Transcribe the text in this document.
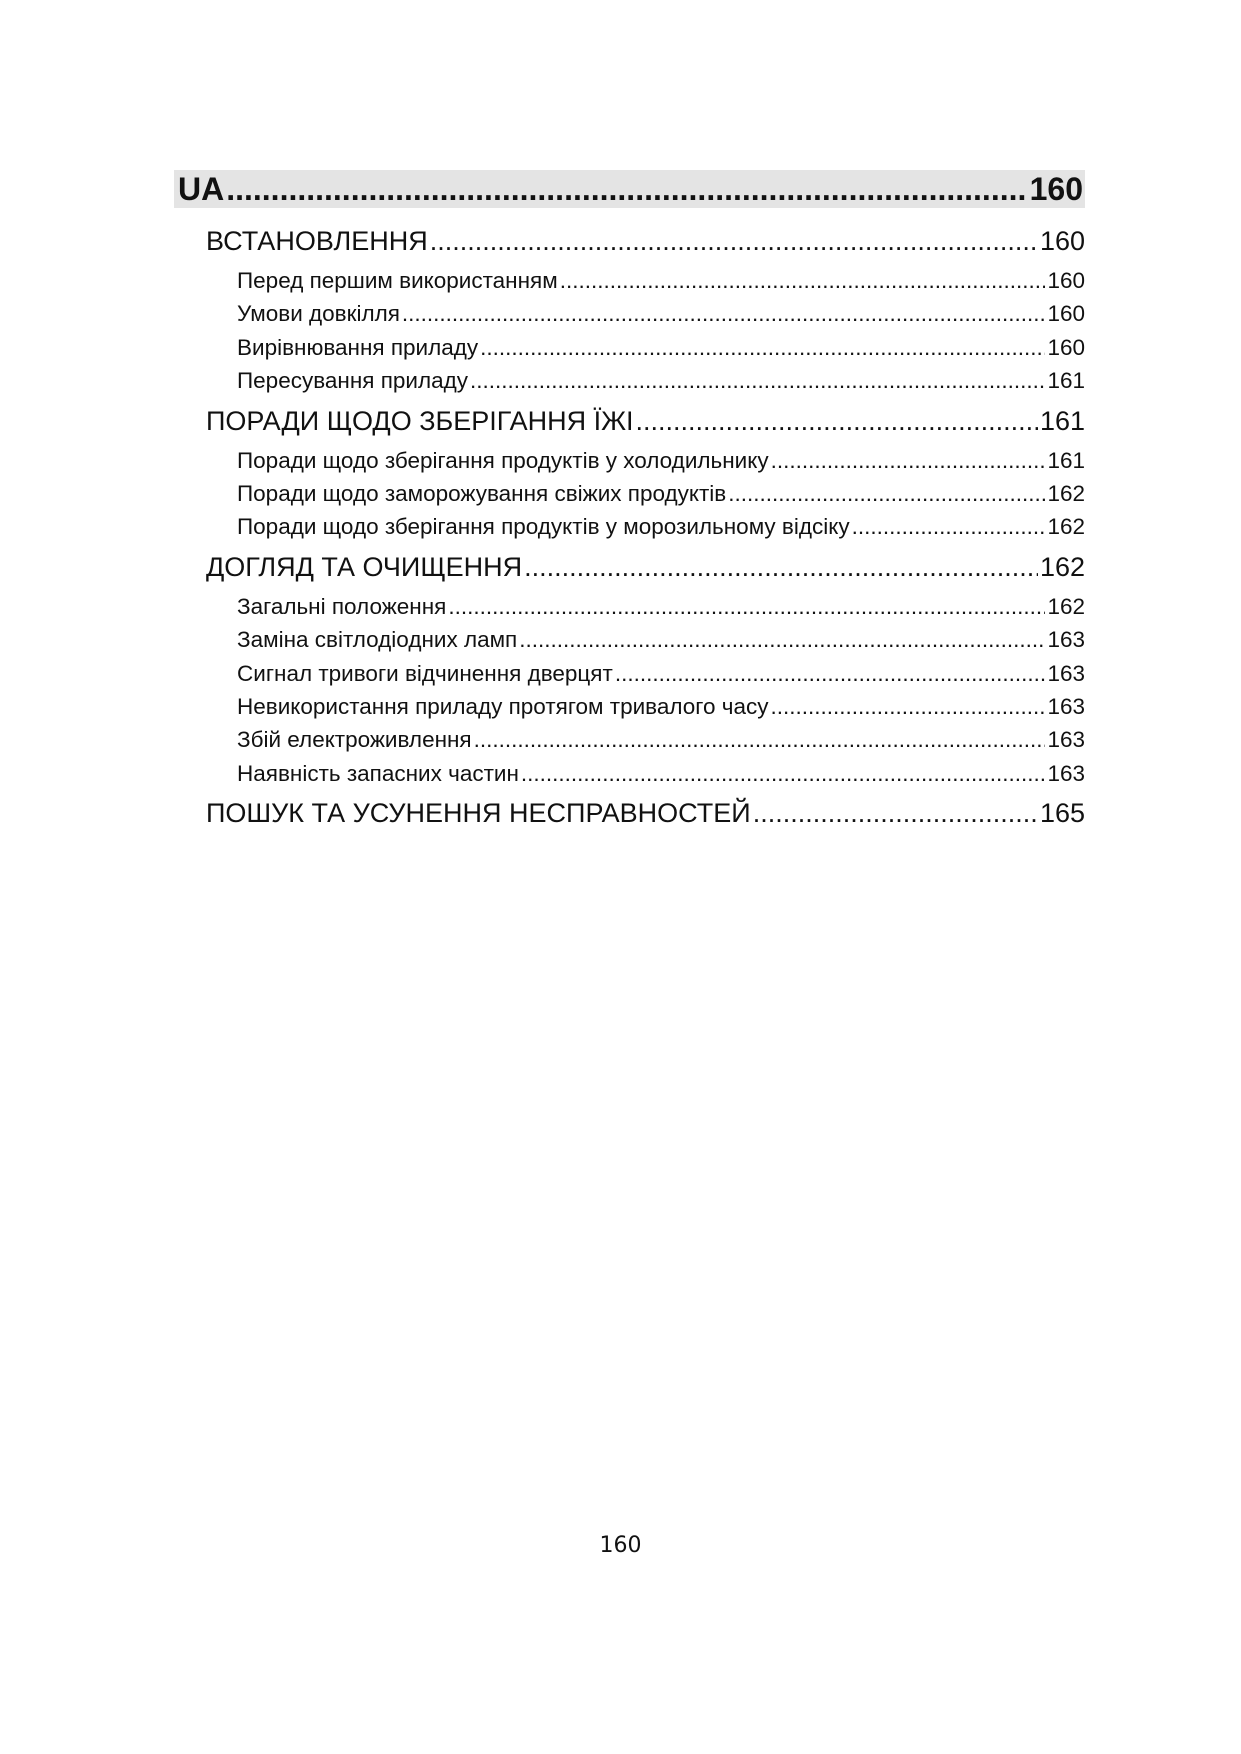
UA .....	160
ВСТАНОВЛЕННЯ .....	160
Перед першим використанням .....	160
Умови довкілля .....	160
Вирівнювання приладу .....	160
Пересування приладу .....	161
ПОРАДИ ЩОДО ЗБЕРІГАННЯ ЇЖІ .....	161
Поради щодо зберігання продуктів у холодильнику .....	161
Поради щодо заморожування свіжих продуктів .....	162
Поради щодо зберігання продуктів у морозильному відсіку .....	162
ДОГЛЯД ТА ОЧИЩЕННЯ .....	162
Загальні положення .....	162
Заміна світлодіодних ламп .....	163
Сигнал тривоги відчинення дверцят .....	163
Невикористання приладу протягом тривалого часу .....	163
Збій електроживлення .....	163
Наявність запасних частин .....	163
ПОШУК ТА УСУНЕННЯ НЕСПРАВНОСТЕЙ .....	165
160
